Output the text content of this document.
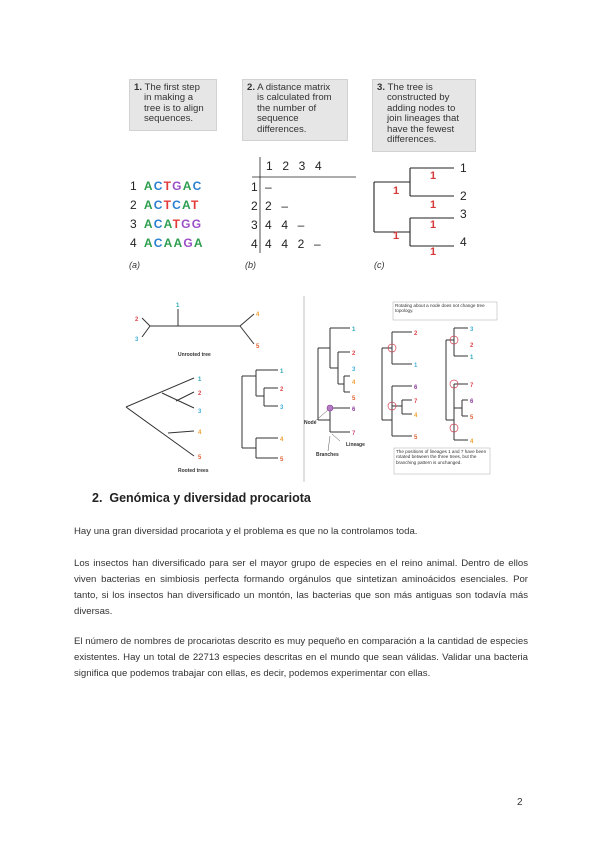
1. The first step
in making a
tree is to align
sequences.
2. A distance matrix
is calculated from
the number of
sequence
differences.
3. The tree is
constructed by
adding nodes to
join lineages that
have the fewest
differences.
1 ACTGAC
2 ACTCAT
3 ACATGG
4 ACAAGA
1  2  3  4
1 –
2 2  –
3 4  4  –
4 4  4  2  –
1
2
3
4
1
1
1
1
1
1
(a)	(b)	(c)
1
2
3
4
5
Unrooted tree
1
2
3
4
5
Rooted trees
1
2
3
4
5
1
2
3
4
5
6
7
Node
Lineage
Branches
2
1
6
7
4
5
3
2
1
7
6
5
4
Rotating about a node does not change tree topology.
The positions of lineages 1 and 7 have been rotated between the three trees, but the branching pattern is unchanged.
2.  Genómica y diversidad procariota
Hay una gran diversidad procariota y el problema es que no la controlamos toda.
Los insectos han diversificado para ser el mayor grupo de especies en el reino animal. Dentro de ellos viven bacterias en simbiosis perfecta formando orgánulos que sintetizan aminoácidos esenciales. Por tanto, si los insectos han diversificado un montón, las bacterias que son más antiguas son todavía más diversas.
El número de nombres de procariotas descrito es muy pequeño en comparación a la cantidad de especies existentes. Hay un total de 22713 especies descritas en el mundo que sean válidas. Validar una bacteria significa que podemos trabajar con ellas, es decir, podemos experimentar con ellas.
2
